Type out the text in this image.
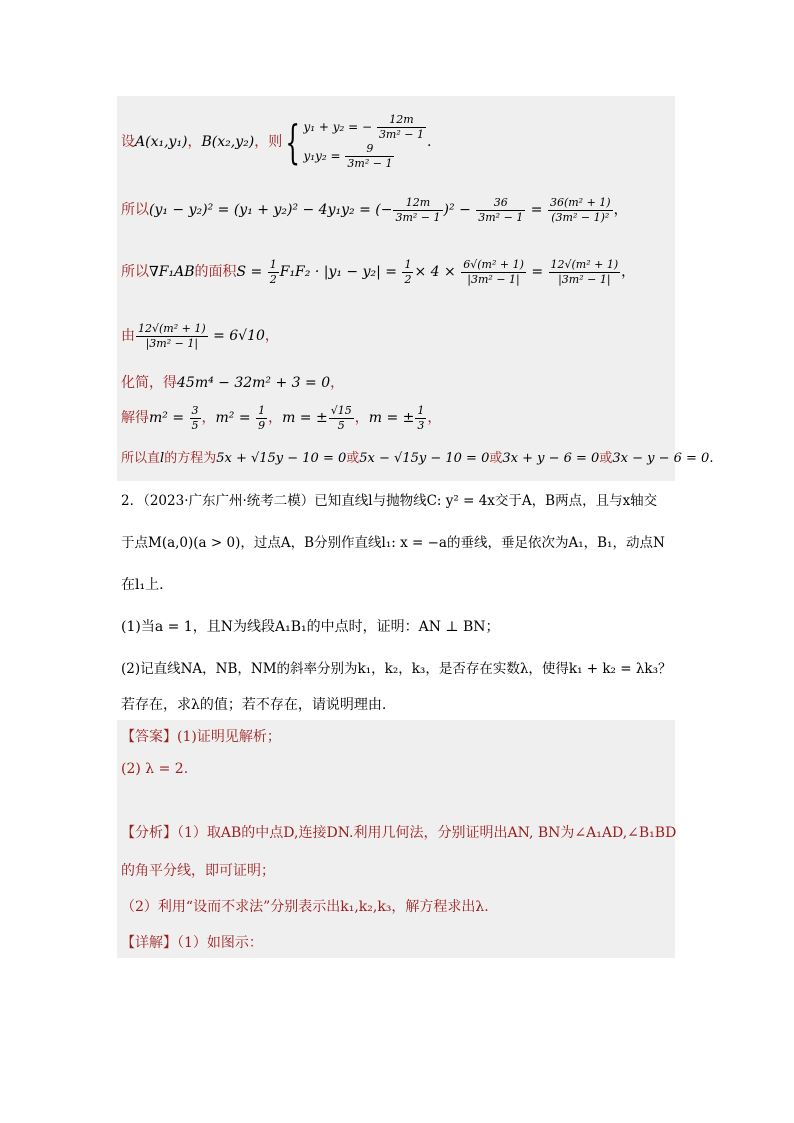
设A(x₁,y₁)，B(x₂,y₂)，则{ y₁ + y₂ = − $\frac{12m}{\text{3m² − 1}}$
$y_1y_2 = \frac{9}{\text{3m² − 1}}$ .
所以(y₁ − y₂)² = (y₁ + y₂)² − 4y₁y₂ = (− $\frac{12m}{\text{3m² − 1}} )^2 - \frac{36}{\text{3m² − 1}} = \frac{\text{36(m² + 1)}}{\text{(3m² − 1)²}}$ ，
所以∇F₁AB的面积$S = \frac{1}{2} F_1F_2 \cdot |y_1 - y_2| = \frac{1}{2} \times 4 \times \frac{\text{6√(m² + 1)}}{\text{|3m² − 1|}} = \frac{\text{12√(m² + 1)}}{\text{|3m² − 1|}}$ ，
由 $\frac{\text{12√(m² + 1)}}{\text{|3m² − 1|}} = 6√10$，
化简，得45m⁴ − 32m² + 3 = 0，
解得$m^2 = \frac{3}{5}$ ，$m^2 = \frac{1}{9}$ ，m = ± $\frac{√15}{5}$ ，m = ± $\frac{1}{3}$ ，
所以直l的方程为5x + √15y − 10 = 0或5x − √15y − 10 = 0或3x + y − 6 = 0或3x − y − 6 = 0.
2．（2023·广东广州·统考二模）已知直线l与抛物线C: y² = 4x交于A，B两点，且与x轴交
于点M(a,0)(a > 0)，过点A，B分别作直线l₁: x = −a的垂线，垂足依次为A₁，B₁，动点N
在l₁上.
(1)当a = 1，且N为线段A₁B₁的中点时，证明：AN ⊥ BN；
(2)记直线NA，NB，NM的斜率分别为k₁，k₂，k₃，是否存在实数λ，使得k₁ + k₂ = λk₃？
若存在，求λ的值；若不存在，请说明理由.
【答案】(1)证明见解析；
(2) λ = 2.
【分析】（1）取AB的中点D,连接DN.利用几何法，分别证明出AN, BN为∠A₁AD,∠B₁BD
的角平分线，即可证明；
（2）利用“设而不求法”分别表示出k₁,k₂,k₃，解方程求出λ.
【详解】（1）如图示：
